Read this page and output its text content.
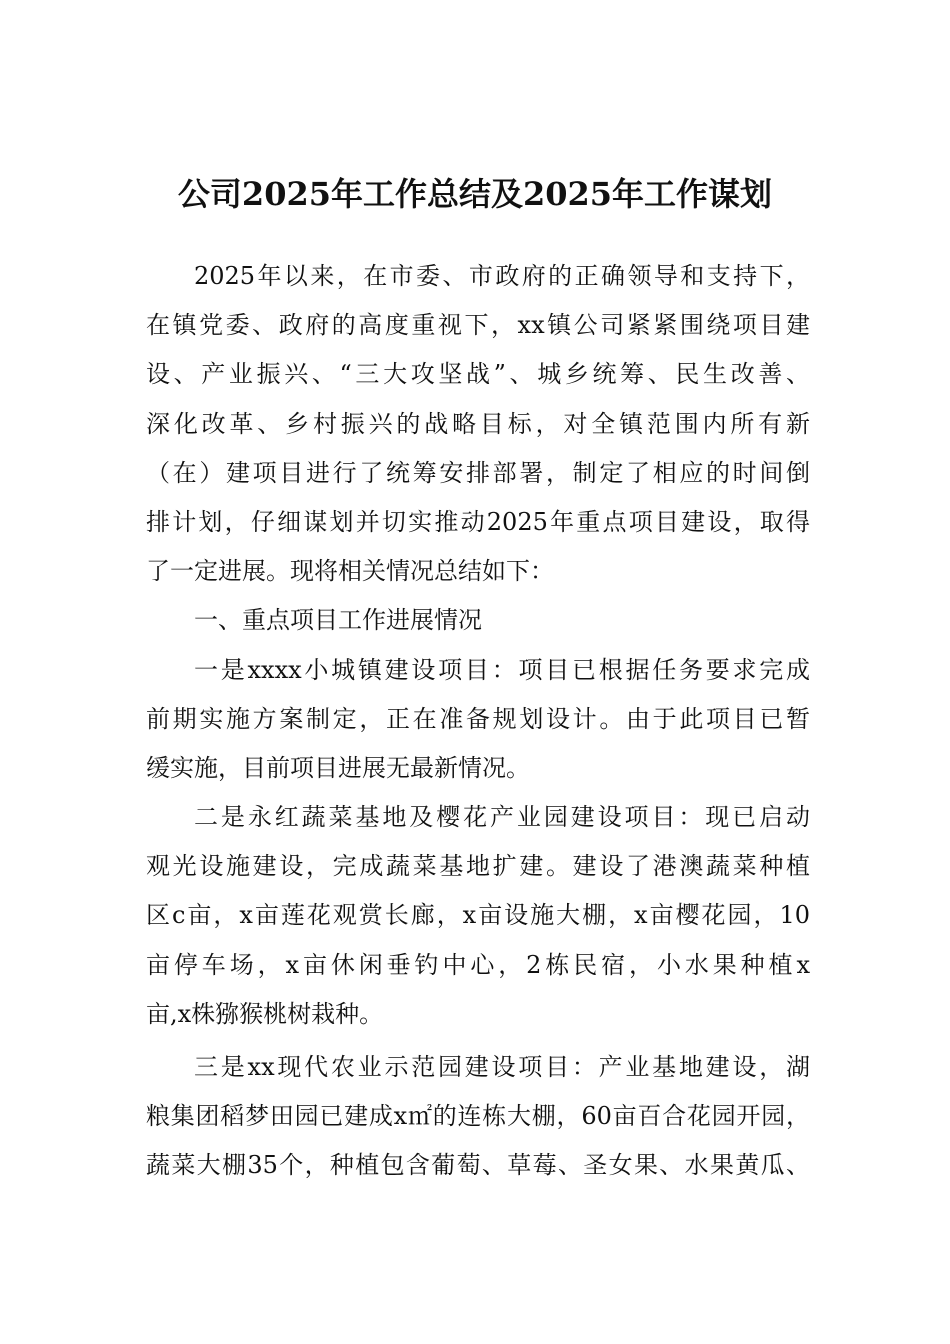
公司2025年工作总结及2025年工作谋划
2025年以来，在市委、市政府的正确领导和支持下，
在镇党委、政府的高度重视下，xx镇公司紧紧围绕项目建
设、产业振兴、“三大攻坚战”、城乡统筹、民生改善、
深化改革、乡村振兴的战略目标，对全镇范围内所有新
（在）建项目进行了统筹安排部署，制定了相应的时间倒
排计划，仔细谋划并切实推动2025年重点项目建设，取得
了一定进展。现将相关情况总结如下：
一、重点项目工作进展情况
一是xxxx小城镇建设项目：项目已根据任务要求完成
前期实施方案制定，正在准备规划设计。由于此项目已暂
缓实施，目前项目进展无最新情况。
二是永红蔬菜基地及樱花产业园建设项目：现已启动
观光设施建设，完成蔬菜基地扩建。建设了港澳蔬菜种植
区c亩，x亩莲花观赏长廊，x亩设施大棚，x亩樱花园，10
亩停车场，x亩休闲垂钓中心，2栋民宿，小水果种植x
亩,x株猕猴桃树栽种。
三是xx现代农业示范园建设项目：产业基地建设，湖
粮集团稻梦田园已建成x㎡的连栋大棚，60亩百合花园开园，
蔬菜大棚35个，种植包含葡萄、草莓、圣女果、水果黄瓜、
